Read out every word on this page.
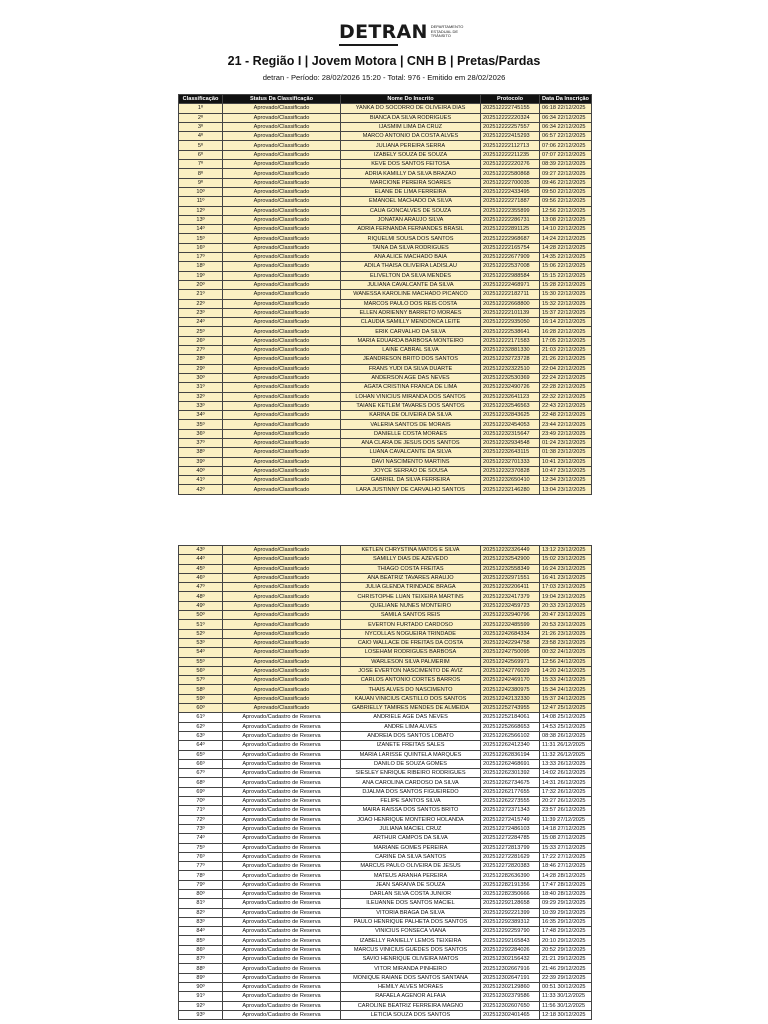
DETRAN DEPARTAMENTO ESTADUAL DE TRÂNSITO
21 - Região I | Jovem Motora | CNH B | Pretas/Pardas
detran - Período: 28/02/2026 15:20 - Total: 976 - Emitido em 28/02/2026
Classificação	Status Da Classificação	Nome Do Inscrito	Protocolo	Data Da Inscrição
1º	Aprovado/Classificado	YANKA DO SOCORRO DE OLIVEIRA DIAS	202512222745155	06:18 22/12/2025
2º	Aprovado/Classificado	BIANCA DA SILVA RODRIGUES	202512222220324	06:34 22/12/2025
3º	Aprovado/Classificado	IJASMIM LIMA DA CRUZ	202512222257557	06:34 22/12/2025
4º	Aprovado/Classificado	MARCO ANTONIO DA COSTA ALVES	202512222415293	06:57 22/12/2025
5º	Aprovado/Classificado	JULIANA PEREIRA SERRA	202512222112713	07:06 22/12/2025
6º	Aprovado/Classificado	IZABELY SOUZA DE SOUZA	202512222211235	07:07 22/12/2025
7º	Aprovado/Classificado	KEVE DOS SANTOS FEITOSA	202512222220276	08:39 22/12/2025
8º	Aprovado/Classificado	ADRIA KAMILLY DA SILVA BRAZAO	202512222580868	09:27 22/12/2025
9º	Aprovado/Classificado	MARCIONE PEREIRA SOARES	202512222700035	09:46 22/12/2025
10º	Aprovado/Classificado	ELANE DE LIMA FERREIRA	202512222433495	09:50 22/12/2025
11º	Aprovado/Classificado	EMANOEL MACHADO DA SILVA	202512222271887	09:56 22/12/2025
12º	Aprovado/Classificado	CAUA GONCALVES DE SOUZA	202512222355899	12:56 22/12/2025
13º	Aprovado/Classificado	JONATAN ARAUJO SILVA	202512222286731	13:08 22/12/2025
14º	Aprovado/Classificado	ADRIA FERNANDA FERNANDES BRASIL	202512222891125	14:10 22/12/2025
15º	Aprovado/Classificado	RIQUELMI SOUSA DOS SANTOS	202512222968687	14:24 22/12/2025
16º	Aprovado/Classificado	TAINA DA SILVA RODRIGUES	202512222165754	14:28 22/12/2025
17º	Aprovado/Classificado	ANA ALICE MACHADO BAIA	202512222677909	14:35 22/12/2025
18º	Aprovado/Classificado	ADILA THAISA OLIVEIRA LADISLAU	202512222537008	15:06 22/12/2025
19º	Aprovado/Classificado	ELIVELTON DA SILVA MENDES	202512222988584	15:15 22/12/2025
20º	Aprovado/Classificado	JULIANA CAVALCANTE DA SILVA	202512222468971	15:28 22/12/2025
21º	Aprovado/Classificado	WANESSA KAROLINE MACHADO PICANCO	202512222182711	15:30 22/12/2025
22º	Aprovado/Classificado	MARCOS PAULO DOS REIS COSTA	202512222668800	15:32 22/12/2025
23º	Aprovado/Classificado	ELLEN ADRIENNY BARRETO MORAES	202512222101139	15:37 22/12/2025
24º	Aprovado/Classificado	CLAUDIA SAMILLY MENDONCA LEITE	202512222935050	16:14 22/12/2025
25º	Aprovado/Classificado	ERIK CARVALHO DA SILVA	202512222538641	16:28 22/12/2025
26º	Aprovado/Classificado	MARIA EDUARDA BARBOSA MONTEIRO	202512222171583	17:05 22/12/2025
27º	Aprovado/Classificado	LAINE CABRAL SILVA	202512232881330	21:03 22/12/2025
28º	Aprovado/Classificado	JEANDRESON BRITO DOS SANTOS	202512232723728	21:26 22/12/2025
29º	Aprovado/Classificado	FRANS YUDI DA SILVA DUARTE	202512232322510	22:04 22/12/2025
30º	Aprovado/Classificado	ANDERSON AGE DAS NEVES	202512232530369	22:24 22/12/2025
31º	Aprovado/Classificado	AGATA CRISTINA FRANCA DE LIMA	202512232490726	22:28 22/12/2025
32º	Aprovado/Classificado	LOHAN VINICIUS MIRANDA DOS SANTOS	202512232641123	22:32 22/12/2025
33º	Aprovado/Classificado	TAIANE KETLEM TAVARES DOS SANTOS	202512232546563	22:43 22/12/2025
34º	Aprovado/Classificado	KARINA DE OLIVEIRA DA SILVA	202512232843625	22:48 22/12/2025
35º	Aprovado/Classificado	VALERIA SANTOS DE MORAIS	202512232454053	23:44 22/12/2025
36º	Aprovado/Classificado	DANIELLE COSTA MORAES	202512232315647	23:49 22/12/2025
37º	Aprovado/Classificado	ANA CLARA DE JESUS DOS SANTOS	202512232934548	01:24 23/12/2025
38º	Aprovado/Classificado	LUANA CAVALCANTE DA SILVA	202512232643115	01:38 23/12/2025
39º	Aprovado/Classificado	DAVI NASCIMENTO MARTINS	202512232701333	10:41 23/12/2025
40º	Aprovado/Classificado	JOYCE SERRAO DE SOUSA	202512232370828	10:47 23/12/2025
41º	Aprovado/Classificado	GABRIEL DA SILVA FERREIRA	202512232650410	12:34 23/12/2025
42º	Aprovado/Classificado	LARA JUSTINNY DE CARVALHO SANTOS	202512232146280	13:04 23/12/2025
43º	Aprovado/Classificado	KETLEN CHRYSTINA MATOS E SILVA	202512232326449	13:12 23/12/2025
44º	Aprovado/Classificado	SAMILLY DIAS DE AZEVEDO	202512232542900	15:02 23/12/2025
45º	Aprovado/Classificado	THIAGO COSTA FREITAS	202512232558349	16:24 23/12/2025
46º	Aprovado/Classificado	ANA BEATRIZ TAVARES ARAUJO	202512232971551	16:41 23/12/2025
47º	Aprovado/Classificado	JULIA GLENDA TRINDADE BRAGA	202512232206411	17:03 23/12/2025
48º	Aprovado/Classificado	CHRISTOPHE LUAN TEIXEIRA MARTINS	202512232417379	19:04 23/12/2025
49º	Aprovado/Classificado	QUELIANE NUNES MONTEIRO	202512232459723	20:33 23/12/2025
50º	Aprovado/Classificado	SAMILA SANTOS REIS	202512232940796	20:47 23/12/2025
51º	Aprovado/Classificado	EVERTON FURTADO CARDOSO	202512232485599	20:53 23/12/2025
52º	Aprovado/Classificado	NYCOLLAS NOGUEIRA TRINDADE	202512242684334	21:26 23/12/2025
53º	Aprovado/Classificado	CAIO WALLACE DE FREITAS DA COSTA	202512242294758	23:58 23/12/2025
54º	Aprovado/Classificado	LOSEHAM RODRIGUES BARBOSA	202512242750095	00:32 24/12/2025
55º	Aprovado/Classificado	WARLESON SILVA PALMERIM	202512242569971	12:56 24/12/2025
56º	Aprovado/Classificado	JOSE EVERTON NASCIMENTO DE AVIZ	202512242776029	14:20 24/12/2025
57º	Aprovado/Classificado	CARLOS ANTONIO CORTES BARROS	202512242469170	15:33 24/12/2025
58º	Aprovado/Classificado	THAIS ALVES DO NASCIMENTO	202512242380975	15:34 24/12/2025
59º	Aprovado/Classificado	KAUAN VINICIUS CASTILLO DOS SANTOS	202512242132330	15:37 24/12/2025
60º	Aprovado/Classificado	GABRIELLY TAMIRES MENDES DE ALMEIDA	202512252743955	12:47 25/12/2025
61º	Aprovado/Cadastro de Reserva	ANDRIELE AGE DAS NEVES	202512252184061	14:08 25/12/2025
62º	Aprovado/Cadastro de Reserva	ANDRE LIMA ALVES	202512252668653	14:53 25/12/2025
63º	Aprovado/Cadastro de Reserva	ANDREIA DOS SANTOS LOBATO	202512262566102	08:38 26/12/2025
64º	Aprovado/Cadastro de Reserva	IZANETE FREITAS SALES	202512262412340	11:31 26/12/2025
65º	Aprovado/Cadastro de Reserva	MARIA LARISSE QUINTELA MARQUES	202512262836194	11:32 26/12/2025
66º	Aprovado/Cadastro de Reserva	DANILO DE SOUZA GOMES	202512262468691	13:33 26/12/2025
67º	Aprovado/Cadastro de Reserva	SIESLEY ENRIQUE RIBEIRO RODRIGUES	202512262301392	14:02 26/12/2025
68º	Aprovado/Cadastro de Reserva	ANA CAROLINA CARDOSO DA SILVA	202512262734675	14:31 26/12/2025
69º	Aprovado/Cadastro de Reserva	DJALMA DOS SANTOS FIGUEIREDO	202512262177655	17:32 26/12/2025
70º	Aprovado/Cadastro de Reserva	FELIPE SANTOS SILVA	202512262273555	20:27 26/12/2025
71º	Aprovado/Cadastro de Reserva	MAIRA RAISSA DOS SANTOS BRITO	202512272371343	23:57 26/12/2025
72º	Aprovado/Cadastro de Reserva	JOAO HENRIQUE MONTEIRO HOLANDA	202512272415749	11:39 27/12/2025
73º	Aprovado/Cadastro de Reserva	JULIANA MACIEL CRUZ	202512272486103	14:18 27/12/2025
74º	Aprovado/Cadastro de Reserva	ARTHUR CAMPOS DA SILVA	202512272284785	15:08 27/12/2025
75º	Aprovado/Cadastro de Reserva	MARIANE GOMES PEREIRA	202512272813799	15:33 27/12/2025
76º	Aprovado/Cadastro de Reserva	CARINE DA SILVA SANTOS	202512272281629	17:22 27/12/2025
77º	Aprovado/Cadastro de Reserva	MARCUS PAULO OLIVEIRA DE JESUS	202512272820383	18:46 27/12/2025
78º	Aprovado/Cadastro de Reserva	MATEUS ARANHA PEREIRA	202512282636390	14:28 28/12/2025
79º	Aprovado/Cadastro de Reserva	JEAN SARAIVA DE SOUZA	202512282191356	17:47 28/12/2025
80º	Aprovado/Cadastro de Reserva	DARLAN SILVA COSTA JUNIOR	202512282350666	18:40 28/12/2025
81º	Aprovado/Cadastro de Reserva	ILEUANNE DOS SANTOS MACIEL	202512292128658	09:29 29/12/2025
82º	Aprovado/Cadastro de Reserva	VITORIA BRAGA DA SILVA	202512292221399	10:39 29/12/2025
83º	Aprovado/Cadastro de Reserva	PAULO HENRIQUE PALHETA DOS SANTOS	202512292389312	16:35 29/12/2025
84º	Aprovado/Cadastro de Reserva	VINICIUS FONSECA VIANA	202512292259790	17:48 29/12/2025
85º	Aprovado/Cadastro de Reserva	IZABELLY RANIELLY LEMOS TEIXEIRA	202512292165843	20:10 29/12/2025
86º	Aprovado/Cadastro de Reserva	MARCUS VINICIUS GUEDES DOS SANTOS	202512292284026	20:52 29/12/2025
87º	Aprovado/Cadastro de Reserva	SAVIO HENRIQUE OLIVEIRA MATOS	202512302156432	21:21 29/12/2025
88º	Aprovado/Cadastro de Reserva	VITOR MIRANDA PINHEIRO	202512302667916	21:46 29/12/2025
89º	Aprovado/Cadastro de Reserva	MONIQUE RAIANE DOS SANTOS SANTANA	202512302647191	22:39 29/12/2025
90º	Aprovado/Cadastro de Reserva	HEMILY ALVES MORAES	202512302129860	00:51 30/12/2025
91º	Aprovado/Cadastro de Reserva	RAFAELA AGENOR ALFAIA	202512302379586	11:33 30/12/2025
92º	Aprovado/Cadastro de Reserva	CAROLINE BEATRIZ FERREIRA MAGNO	202512302607650	11:56 30/12/2025
93º	Aprovado/Cadastro de Reserva	LETICIA SOUZA DOS SANTOS	202512302401465	12:18 30/12/2025
